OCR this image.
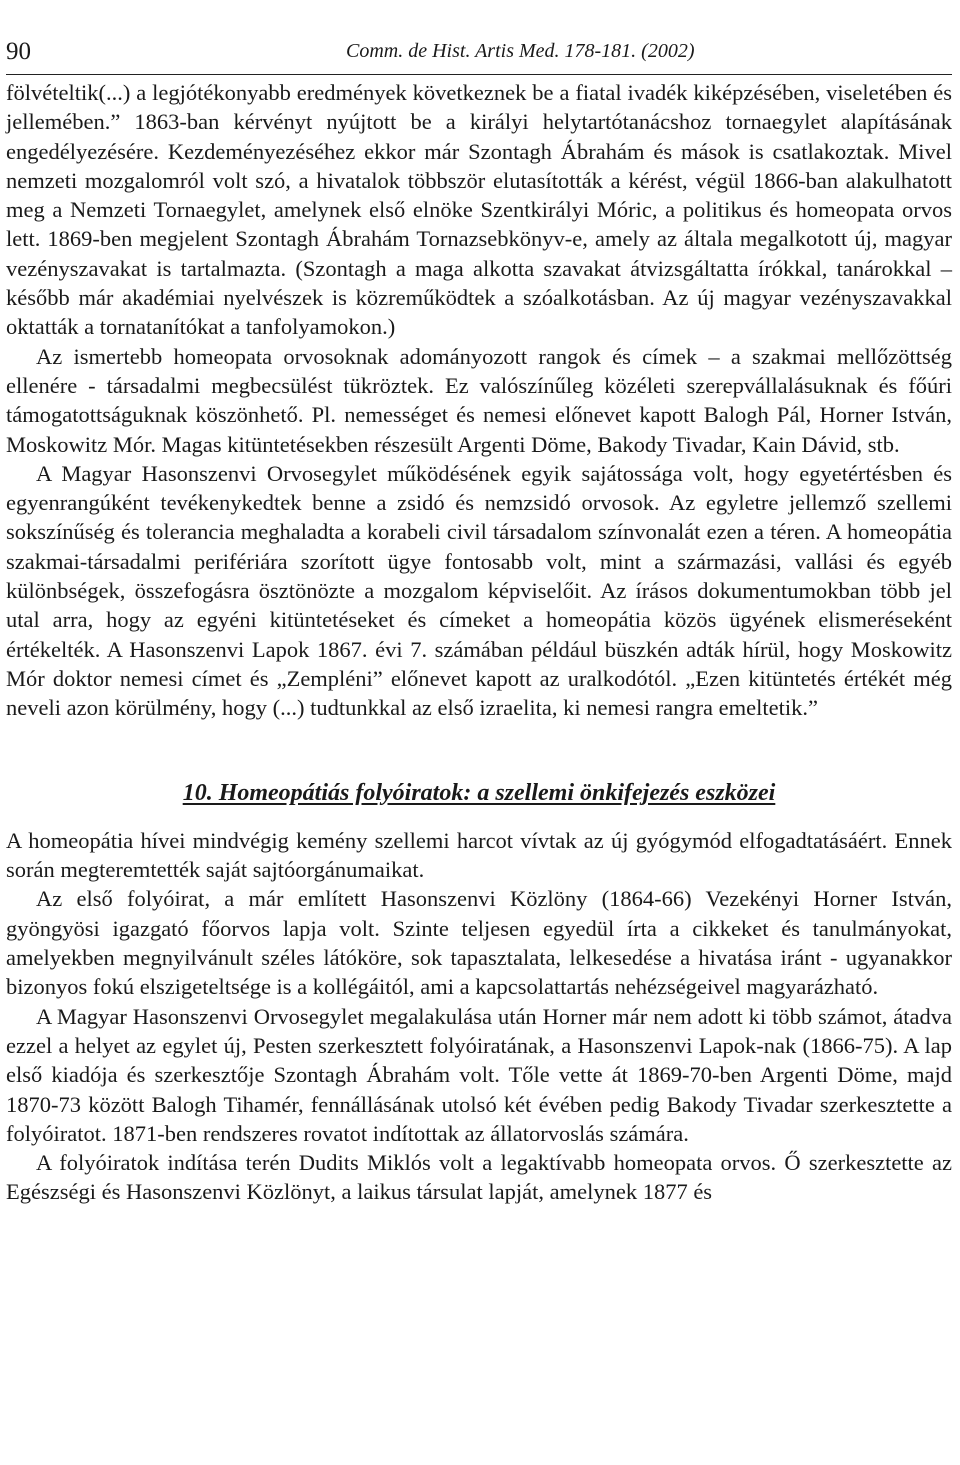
90	Comm. de Hist. Artis Med. 178-181. (2002)

fölvételtik(...) a legjótékonyabb eredmények következnek be a fiatal ivadék kiképzésében, viseletében és jellemében.” 1863-ban kérvényt nyújtott be a királyi helytartótanácshoz tornaegylet alapításának engedélyezésére. Kezdeményezéséhez ekkor már Szontagh Ábrahám és mások is csatlakoztak. Mivel nemzeti mozgalomról volt szó, a hivatalok többször elutasították a kérést, végül 1866-ban alakulhatott meg a Nemzeti Tornaegylet, amelynek első elnöke Szentkirályi Móric, a politikus és homeopata orvos lett. 1869-ben megjelent Szontagh Ábrahám Tornazsebkönyv-e, amely az általa megalkotott új, magyar vezényszavakat is tartalmazta. (Szontagh a maga alkotta szavakat átvizsgáltatta írókkal, tanárokkal – később már akadémiai nyelvészek is közreműködtek a szóalkotásban. Az új magyar vezényszavakkal oktatták a tornatanítókat a tanfolyamokon.)

Az ismertebb homeopata orvosoknak adományozott rangok és címek – a szakmai mellőzöttség ellenére - társadalmi megbecsülést tükröztek. Ez valószínűleg közéleti szerepvállalásuknak és főúri támogatottságuknak köszönhető. Pl. nemességet és nemesi előnevet kapott Balogh Pál, Horner István, Moskowitz Mór. Magas kitüntetésekben részesült Argenti Döme, Bakody Tivadar, Kain Dávid, stb.

A Magyar Hasonszenvi Orvosegylet működésének egyik sajátossága volt, hogy egyetértésben és egyenrangúként tevékenykedtek benne a zsidó és nemzsidó orvosok. Az egyletre jellemző szellemi sokszínűség és tolerancia meghaladta a korabeli civil társadalom színvonalát ezen a téren. A homeopátia szakmai-társadalmi perifériára szorított ügye fontosabb volt, mint a származási, vallási és egyéb különbségek, összefogásra ösztönözte a mozgalom képviselőit. Az írásos dokumentumokban több jel utal arra, hogy az egyéni kitüntetéseket és címeket a homeopátia közös ügyének elismeréseként értékelték. A Hasonszenvi Lapok 1867. évi 7. számában például büszkén adták hírül, hogy Moskowitz Mór doktor nemesi címet és „Zempléni” előnevet kapott az uralkodótól. „Ezen kitüntetés értékét még neveli azon körülmény, hogy (...) tudtunkkal az első izraelita, ki nemesi rangra emeltetik.”

10. Homeopátiás folyóiratok: a szellemi önkifejezés eszközei

A homeopátia hívei mindvégig kemény szellemi harcot vívtak az új gyógymód elfogadtatásáért. Ennek során megteremtették saját sajtóorgánumaikat.

Az első folyóirat, a már említett Hasonszenvi Közlöny (1864-66) Vezekényi Horner István, gyöngyösi igazgató főorvos lapja volt. Szinte teljesen egyedül írta a cikkeket és tanulmányokat, amelyekben megnyilvánult széles látóköre, sok tapasztalata, lelkesedése a hivatása iránt - ugyanakkor bizonyos fokú elszigeteltsége is a kollégáitól, ami a kapcsolattartás nehézségeivel magyarázható.

A Magyar Hasonszenvi Orvosegylet megalakulása után Horner már nem adott ki több számot, átadva ezzel a helyet az egylet új, Pesten szerkesztett folyóiratának, a Hasonszenvi Lapok-nak (1866-75). A lap első kiadója és szerkesztője Szontagh Ábrahám volt. Tőle vette át 1869-70-ben Argenti Döme, majd 1870-73 között Balogh Tihamér, fennállásának utolsó két évében pedig Bakody Tivadar szerkesztette a folyóiratot. 1871-ben rendszeres rovatot indítottak az állatorvoslás számára.

A folyóiratok indítása terén Dudits Miklós volt a legaktívabb homeopata orvos. Ő szerkesztette az Egészségi és Hasonszenvi Közlönyt, a laikus társulat lapját, amelynek 1877 és
